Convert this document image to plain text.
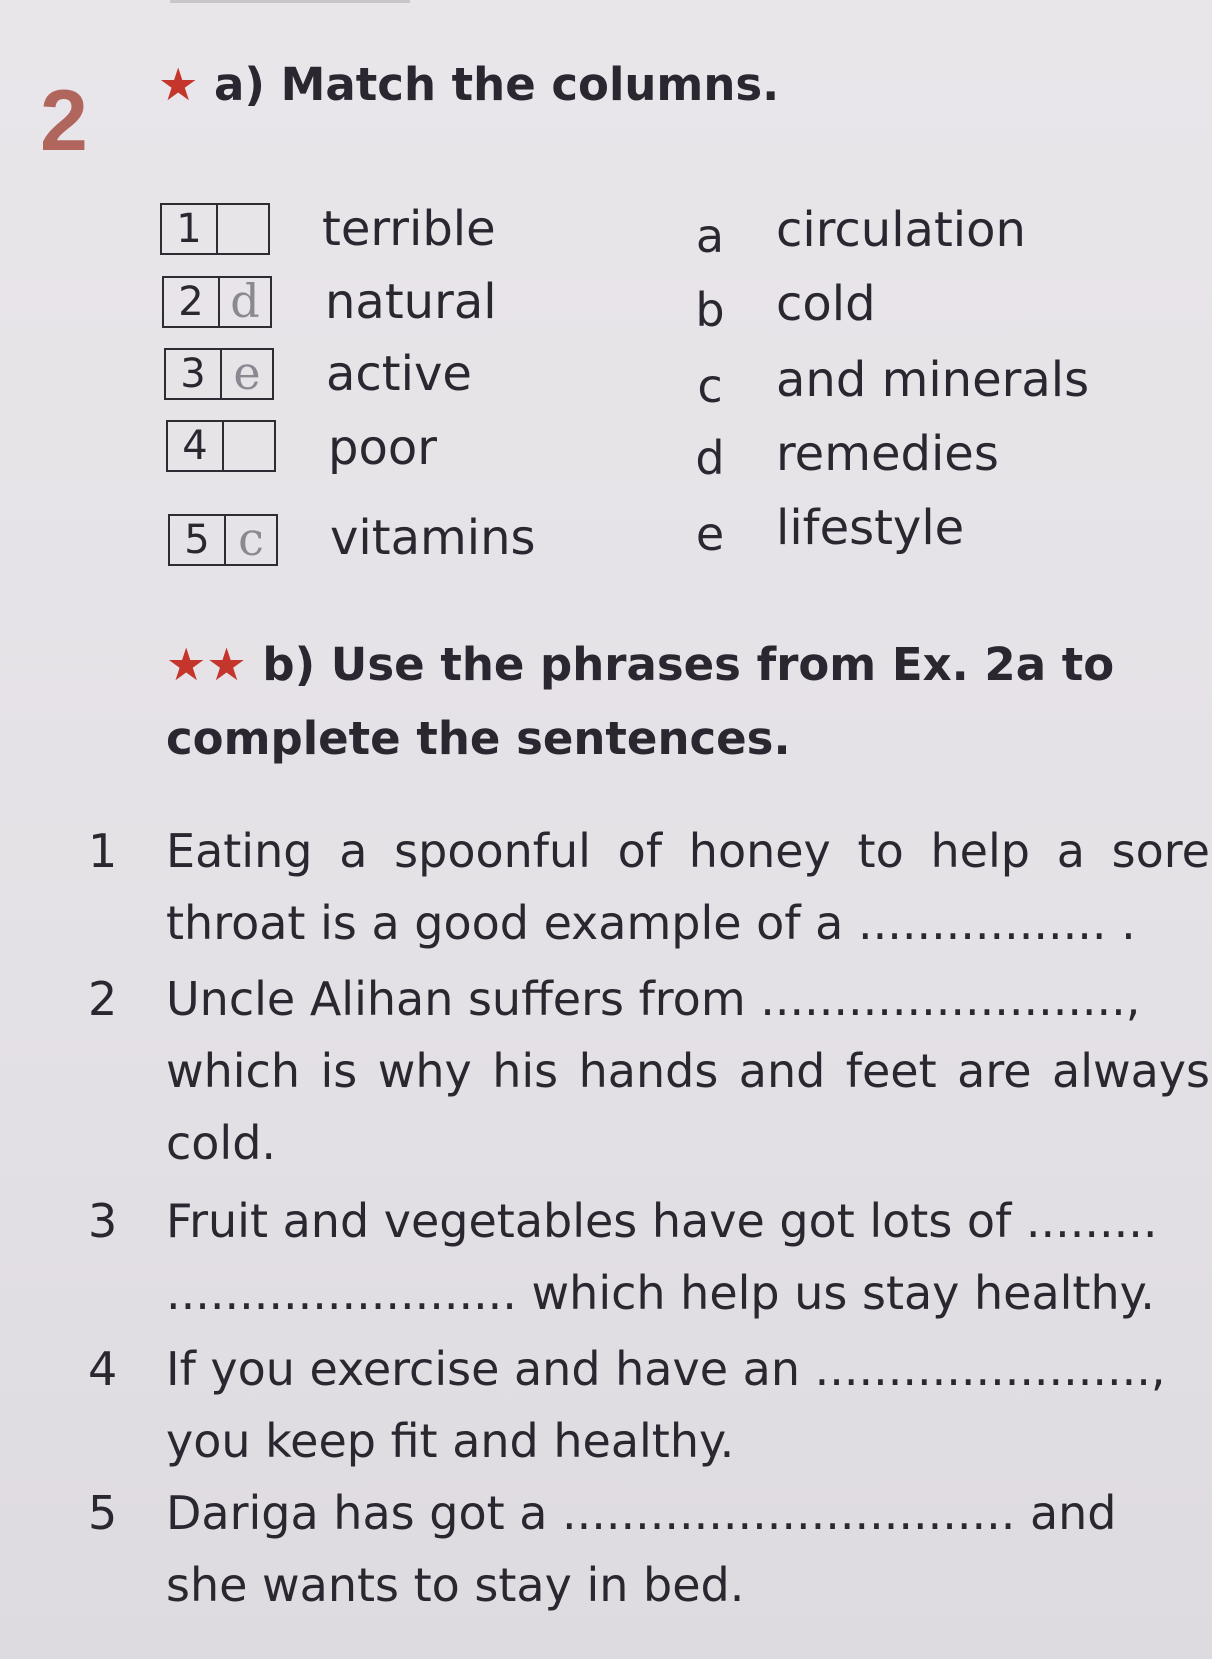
2 ★ a) Match the columns.
1	terrible
2 d natural
3 e active
4	poor
5 c vitamins
a circulation
b cold
c and minerals
d remedies
e lifestyle
★★ b) Use the phrases from Ex. 2a to
complete the sentences.
1 Eating a spoonful of honey to help a sore
throat is a good example of a ................. .
2 Uncle Alihan suffers from .........................,
which is why his hands and feet are always
cold.
3 Fruit and vegetables have got lots of .........
........................ which help us stay healthy.
4 If you exercise and have an .......................,
you keep fit and healthy.
5 Dariga has got a ............................... and
she wants to stay in bed.
